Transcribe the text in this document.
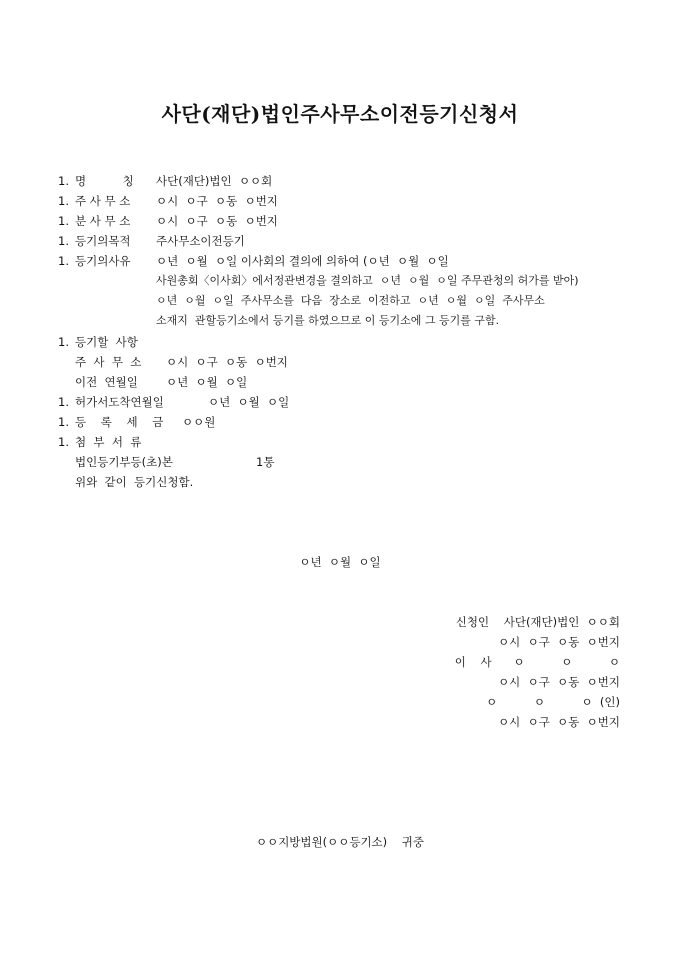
사단(재단)법인주사무소이전등기신청서
1. 명          칭 사단(재단)법인  ㅇㅇ회
1. 주 사 무 소 ㅇ시  ㅇ구  ㅇ동  ㅇ번지
1. 분 사 무 소 ㅇ시  ㅇ구  ㅇ동  ㅇ번지
1. 등기의목적 주사무소이전등기
1. 등기의사유 ㅇ년  ㅇ월  ㅇ일 이사회의 결의에 의하여 (ㅇ년  ㅇ월  ㅇ일
사원총회〈이사회〉에서정관변경을 결의하고  ㅇ년  ㅇ월  ㅇ일 주무관청의 허가를 받아)
ㅇ년  ㅇ월  ㅇ일  주사무소를  다음  장소로  이전하고  ㅇ년  ㅇ월  ㅇ일  주사무소
소재지  관할등기소에서 등기를 하였으므로 이 등기소에 그 등기를 구함.
1. 등기할  사항
주  사  무  소 ㅇ시  ㅇ구  ㅇ동  ㅇ번지
이전  연월일 ㅇ년  ㅇ월  ㅇ일
1. 허가서도착연월일	ㅇ년  ㅇ월  ㅇ일
1. 등    록    세    금 ㅇㅇ원
1. 첨  부  서  류
법인등기부등(초)본	1통
위와  같이  등기신청함.
ㅇ년  ㅇ월  ㅇ일
신청인    사단(재단)법인  ㅇㅇ회
ㅇ시  ㅇ구  ㅇ동  ㅇ번지
이    사      ㅇ          ㅇ          ㅇ
ㅇ시  ㅇ구  ㅇ동  ㅇ번지
ㅇ          ㅇ          ㅇ  (인)
ㅇ시  ㅇ구  ㅇ동  ㅇ번지
ㅇㅇ지방법원(ㅇㅇ등기소)    귀중
